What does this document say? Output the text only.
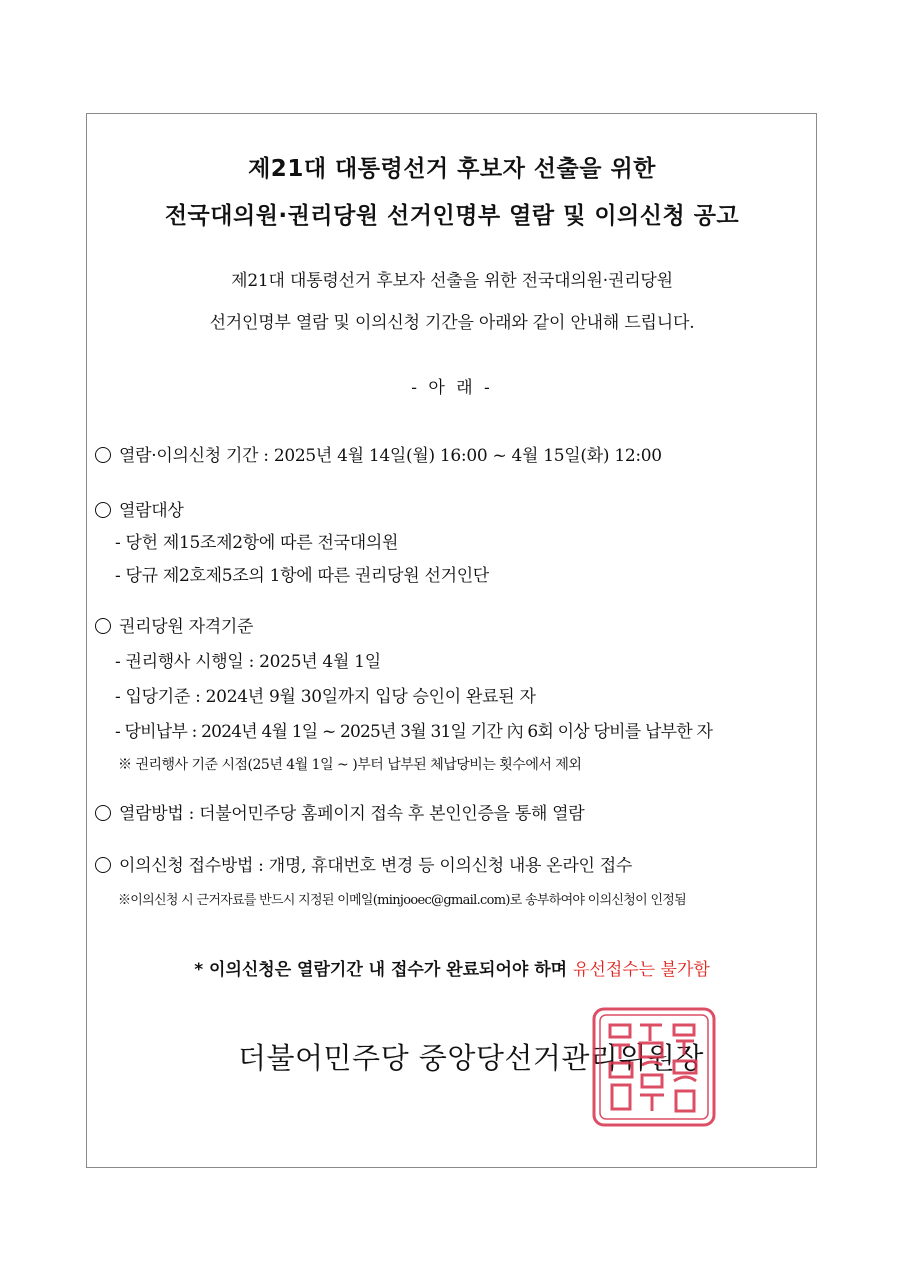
제21대 대통령선거 후보자 선출을 위한
전국대의원·권리당원 선거인명부 열람 및 이의신청 공고
제21대 대통령선거 후보자 선출을 위한 전국대의원·권리당원
선거인명부 열람 및 이의신청 기간을 아래와 같이 안내해 드립니다.
- 아 래 -
열람·이의신청 기간 : 2025년 4월 14일(월) 16:00 ~ 4월 15일(화) 12:00
열람대상
- 당헌 제15조제2항에 따른 전국대의원
- 당규 제2호제5조의 1항에 따른 권리당원 선거인단
권리당원 자격기준
- 권리행사 시행일 : 2025년 4월 1일
- 입당기준 : 2024년 9월 30일까지 입당 승인이 완료된 자
- 당비납부 : 2024년 4월 1일 ~ 2025년 3월 31일 기간 內 6회 이상 당비를 납부한 자
※ 권리행사 기준 시점(25년 4월 1일 ~ )부터 납부된 체납당비는 횟수에서 제외
열람방법 : 더불어민주당 홈페이지 접속 후 본인인증을 통해 열람
이의신청 접수방법 : 개명, 휴대번호 변경 등 이의신청 내용 온라인 접수
※이의신청 시 근거자료를 반드시 지정된 이메일(minjooec@gmail.com)로 송부하여야 이의신청이 인정됨
* 이의신청은 열람기간 내 접수가 완료되어야 하며 유선접수는 불가함
더불어민주당 중앙당선거관리위원장
